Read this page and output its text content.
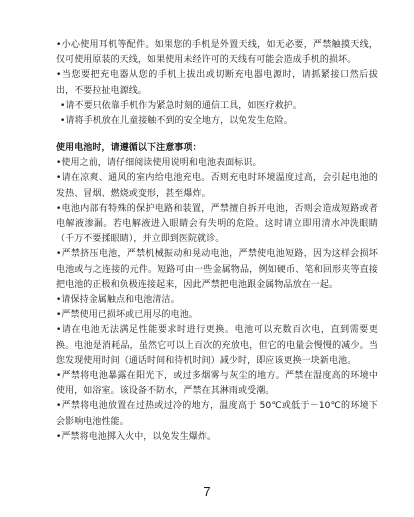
•小心使用耳机等配件。如果您的手机是外置天线，如无必要，严禁触摸天线，仅可使用原装的天线，如果使用未经许可的天线有可能会造成手机的损坏。

•当您要把充电器从您的手机上拔出或切断充电器电源时，请抓紧接口然后拔出，不要拉扯电源线。

•请不要只依靠手机作为紧急时刻的通信工具，如医疗救护。

•请将手机放在儿童接触不到的安全地方，以免发生危险。

使用电池时，请遵循以下注意事项：

•使用之前，请仔细阅读使用说明和电池表面标识。

•请在凉爽、通风的室内给电池充电。否则充电时环境温度过高，会引起电池的发热、冒烟、燃烧或变形，甚至爆炸。

•电池内部有特殊的保护电路和装置，严禁擅自拆开电池，否则会造成短路或者电解液渗漏。若电解液进入眼睛会有失明的危险。这时请立即用清水冲洗眼睛（千万不要揉眼睛），并立即到医院就诊。

•严禁挤压电池，严禁机械振动和晃动电池，严禁使电池短路，因为这样会损坏电池或与之连接的元件。短路可由一些金属物品，例如硬币、笔和回形夹等直接把电池的正极和负极连接起来，因此严禁把电池跟金属物品放在一起。

•请保持金属触点和电池清洁。

•严禁使用已损坏或已用尽的电池。

•请在电池无法满足性能要求时进行更换。电池可以充数百次电，直到需要更换。电池是消耗品，虽然它可以上百次的充放电，但它的电量会慢慢的减少。当您发现使用时间（通话时间和待机时间）减少时，即应该更换一块新电池。

•严禁将电池暴露在阳光下，或过多烟雾与灰尘的地方。严禁在湿度高的环境中使用，如浴室。该设备不防水，严禁在其淋雨或受潮。

•严禁将电池放置在过热或过冷的地方，温度高于 50℃或低于－10℃的环境下会影响电池性能。

•严禁将电池掷入火中，以免发生爆炸。

7
